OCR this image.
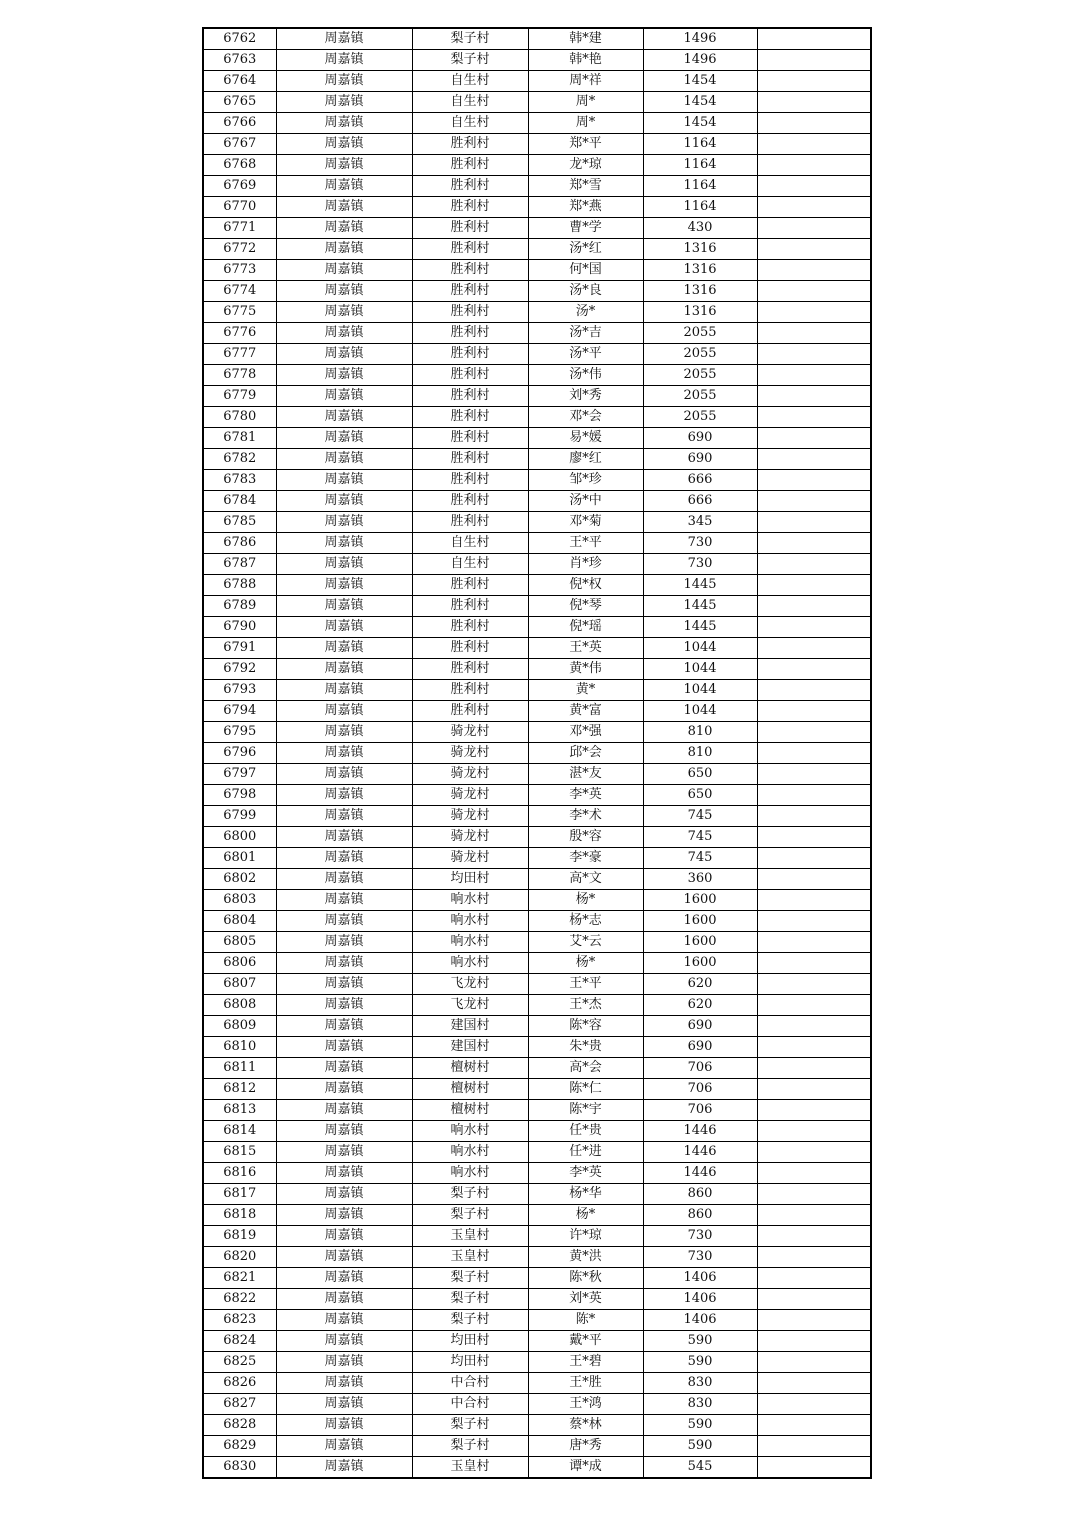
6762	周嘉镇	梨子村	韩*建	1496	
6763	周嘉镇	梨子村	韩*艳	1496	
6764	周嘉镇	自生村	周*祥	1454	
6765	周嘉镇	自生村	周*	1454	
6766	周嘉镇	自生村	周*	1454	
6767	周嘉镇	胜利村	郑*平	1164	
6768	周嘉镇	胜利村	龙*琼	1164	
6769	周嘉镇	胜利村	郑*雪	1164	
6770	周嘉镇	胜利村	郑*燕	1164	
6771	周嘉镇	胜利村	曹*学	430	
6772	周嘉镇	胜利村	汤*红	1316	
6773	周嘉镇	胜利村	何*国	1316	
6774	周嘉镇	胜利村	汤*良	1316	
6775	周嘉镇	胜利村	汤*	1316	
6776	周嘉镇	胜利村	汤*吉	2055	
6777	周嘉镇	胜利村	汤*平	2055	
6778	周嘉镇	胜利村	汤*伟	2055	
6779	周嘉镇	胜利村	刘*秀	2055	
6780	周嘉镇	胜利村	邓*会	2055	
6781	周嘉镇	胜利村	易*媛	690	
6782	周嘉镇	胜利村	廖*红	690	
6783	周嘉镇	胜利村	邹*珍	666	
6784	周嘉镇	胜利村	汤*中	666	
6785	周嘉镇	胜利村	邓*菊	345	
6786	周嘉镇	自生村	王*平	730	
6787	周嘉镇	自生村	肖*珍	730	
6788	周嘉镇	胜利村	倪*权	1445	
6789	周嘉镇	胜利村	倪*琴	1445	
6790	周嘉镇	胜利村	倪*瑶	1445	
6791	周嘉镇	胜利村	王*英	1044	
6792	周嘉镇	胜利村	黄*伟	1044	
6793	周嘉镇	胜利村	黄*	1044	
6794	周嘉镇	胜利村	黄*富	1044	
6795	周嘉镇	骑龙村	邓*强	810	
6796	周嘉镇	骑龙村	邱*会	810	
6797	周嘉镇	骑龙村	湛*友	650	
6798	周嘉镇	骑龙村	李*英	650	
6799	周嘉镇	骑龙村	李*术	745	
6800	周嘉镇	骑龙村	殷*容	745	
6801	周嘉镇	骑龙村	李*豪	745	
6802	周嘉镇	均田村	高*文	360	
6803	周嘉镇	响水村	杨*	1600	
6804	周嘉镇	响水村	杨*志	1600	
6805	周嘉镇	响水村	艾*云	1600	
6806	周嘉镇	响水村	杨*	1600	
6807	周嘉镇	飞龙村	王*平	620	
6808	周嘉镇	飞龙村	王*杰	620	
6809	周嘉镇	建国村	陈*容	690	
6810	周嘉镇	建国村	朱*贵	690	
6811	周嘉镇	檀树村	高*会	706	
6812	周嘉镇	檀树村	陈*仁	706	
6813	周嘉镇	檀树村	陈*宇	706	
6814	周嘉镇	响水村	任*贵	1446	
6815	周嘉镇	响水村	任*进	1446	
6816	周嘉镇	响水村	李*英	1446	
6817	周嘉镇	梨子村	杨*华	860	
6818	周嘉镇	梨子村	杨*	860	
6819	周嘉镇	玉皇村	许*琼	730	
6820	周嘉镇	玉皇村	黄*洪	730	
6821	周嘉镇	梨子村	陈*秋	1406	
6822	周嘉镇	梨子村	刘*英	1406	
6823	周嘉镇	梨子村	陈*	1406	
6824	周嘉镇	均田村	戴*平	590	
6825	周嘉镇	均田村	王*碧	590	
6826	周嘉镇	中合村	王*胜	830	
6827	周嘉镇	中合村	王*鸿	830	
6828	周嘉镇	梨子村	蔡*林	590	
6829	周嘉镇	梨子村	唐*秀	590	
6830	周嘉镇	玉皇村	谭*成	545	
